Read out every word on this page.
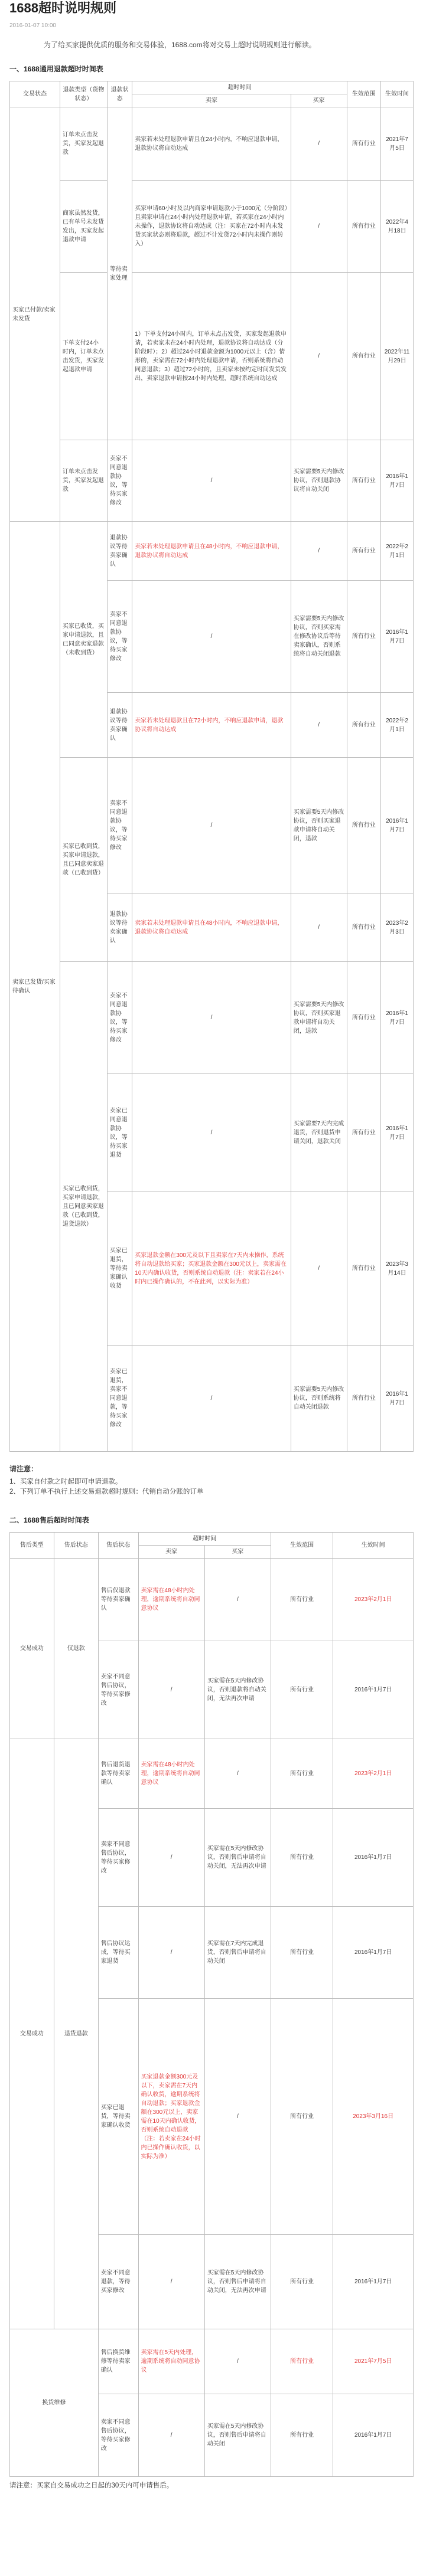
1688超时说明规则
2016-01-07 10:00

为了给买家提供优质的服务和交易体验，1688.com将对交易上超时说明规则进行解读。

一、1688通用退款超时时间表
交易状态	退款类型（货物状态）	退款状态	超时时间		生效范围	生效时间
			卖家	买家		
买家已付款/卖家未发货	订单未点击发货，买家发起退款	等待卖家处理	卖家若未处理退款申请且在24小时内，不响应退款申请，退款协议将自动达成	/	所有行业	2021年7月5日
	商家虽然发货，已有单号未发货发出，买家发起退款申请		买家申请60小时及以内商家申请退款小于1000元（分阶段）且卖家申请在24小时内处理退款申请，若买家在24小时内未操作，退款协议将自动达成（注：买家在72小时内未发货买家状态则将退款，超过不计发货72小时内未操作则转入）	/	所有行业	2022年4月18日
	下单支付24小时内，订单未点击发货，买家发起退款申请		1）下单支付24小时内，订单未点击发货，买家发起退款申请，若卖家未在24小时内处理，退款协议将自动达成（分阶段时）；2）超过24小时退款金额为1000元以上（含）情形的，卖家需在72小时内处理退款申请，否则系统将自动同意退款；3）超过72小时的，且卖家未按约定时间发货发出，卖家退款申请按24小时内处理，超时系统自动达成	/	所有行业	2022年11月29日
	订单未点击发货，买家发起退款	卖家不同意退款协议，等待买家修改	/	买家需要5天内修改协议，否则退款协议将自动关闭	所有行业	2016年1月7日
卖家已发货/买家待确认	买家已收货，买家申请退款，且已同意卖家退款（未收到货）	退款协议等待卖家确认	卖家若未处理退款申请且在48小时内，不响应退款申请，退款协议将自动达成	/	所有行业	2022年2月1日
		卖家不同意退款协议，等待买家修改	/	买家需要5天内修改协议，否则买家需在修改协议后等待卖家确认，否则系统将自动关闭退款	所有行业	2016年1月7日
		退款协议等待卖家确认	卖家若未处理退款且在72小时内，不响应退款申请，退款协议将自动达成	/	所有行业	2022年2月1日
	买家已收到货，买家申请退款，且已同意卖家退款（已收到货）	卖家不同意退款协议，等待买家修改	/	买家需要5天内修改协议，否则买家退款申请将自动关闭，退款	所有行业	2016年1月7日
		退款协议等待卖家确认	卖家若未处理退款申请且在48小时内，不响应退款申请，退款协议将自动达成	/	所有行业	2023年2月3日
	买家已收到货，买家申请退款，且已同意卖家退款（已收到货，退货退款）	卖家不同意退款协议，等待买家修改	/	买家需要5天内修改协议，否则买家退款申请将自动关闭，退款	所有行业	2016年1月7日
		卖家已同意退款协议，等待买家退货	/	买家需要7天内完成退货，否则退货申请关闭，退款关闭	所有行业	2016年1月7日
		买家已退货，等待卖家确认收货	买家退款金额在300元及以下且卖家在7天内未操作，系统将自动退款给买家；买家退款金额在300元以上，卖家需在10天内确认收货，否则系统自动退款（注：卖家若在24小时内已操作确认的，不在此列，以实际为准）	/	所有行业	2023年3月14日
		卖家已退货，卖家不同意退款，等待买家修改	/	买家需要5天内修改协议，否则系统将自动关闭退款	所有行业	2016年1月7日
请注意：
1、买家自付款之时起即可申请退款。
2、下列订单不执行上述交易退款超时规则：代销自动分账的订单
二、1688售后超时时间表
售后类型	售后状态	售后状态	超时时间		生效范围	生效时间
			卖家	买家		
交易成功	仅退款	售后仅退款等待卖家确认	卖家需在48小时内处理，逾期系统将自动同意协议	/	所有行业	2023年2月1日
		卖家不同意售后协议，等待买家修改	/	买家需在5天内修改协议，否则退款将自动关闭，无法再次申请	所有行业	2016年1月7日
交易成功	退货退款	售后退货退款等待卖家确认	卖家需在48小时内处理，逾期系统将自动同意协议	/	所有行业	2023年2月1日
		卖家不同意售后协议，等待买家修改	/	买家需在5天内修改协议，否则售后申请将自动关闭，无法再次申请	所有行业	2016年1月7日
		售后协议达成，等待买家退货	/	买家需在7天内完成退货，否则售后申请将自动关闭	所有行业	2016年1月7日
		买家已退货，等待卖家确认收货	买家退款金额300元及以下，卖家需在7天内确认收货，逾期系统将自动退款；买家退款金额在300元以上，卖家需在10天内确认收货，否则系统自动退款（注：若卖家在24小时内已操作确认收货，以实际为准）	/	所有行业	2023年3月16日
		卖家不同意退款，等待买家修改	/	买家需在5天内修改协议，否则售后申请将自动关闭，无法再次申请	所有行业	2016年1月7日
换货维修		售后换货维修等待卖家确认	卖家需在5天内处理，逾期系统将自动同意协议	/	所有行业	2021年7月5日
		卖家不同意售后协议，等待买家修改	/	买家需在5天内修改协议，否则售后申请将自动关闭	所有行业	2016年1月7日
请注意：买家自交易成功之日起的30天内可申请售后。
